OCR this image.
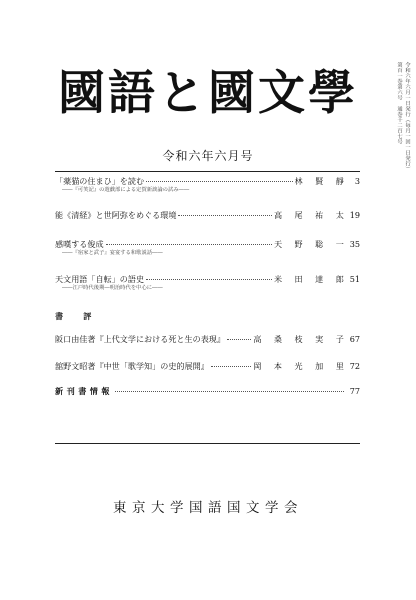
令和六年六月一日発行（毎月一回一日発行）
第百一巻第六号　通巻千二百七号
國語と國文學
令和六年六月号
「薬猫の住まひ」を読む	林　賢　靜	3
――『可笑記』の遊戯部による定賀新談論の試み――
能《清経》と世阿弥をめぐる環境	高　尾　祐　太 19
感嘆する俊成	天　野　聡　一 35
――『宿家と武子』宴宴する和歌説話――
天文用語「自転」の語史	米　田　達　郎 51
――江戸時代後期―明治時代を中心に――
書　評
阪口由佳著『上代文学における死と生の表現』	高　桑　枝　実　子 67
舘野文昭著『中世「歌学知」の史的展開』	岡　本　光　加　里 72
新刊書情報	77
東京大学国語国文学会
